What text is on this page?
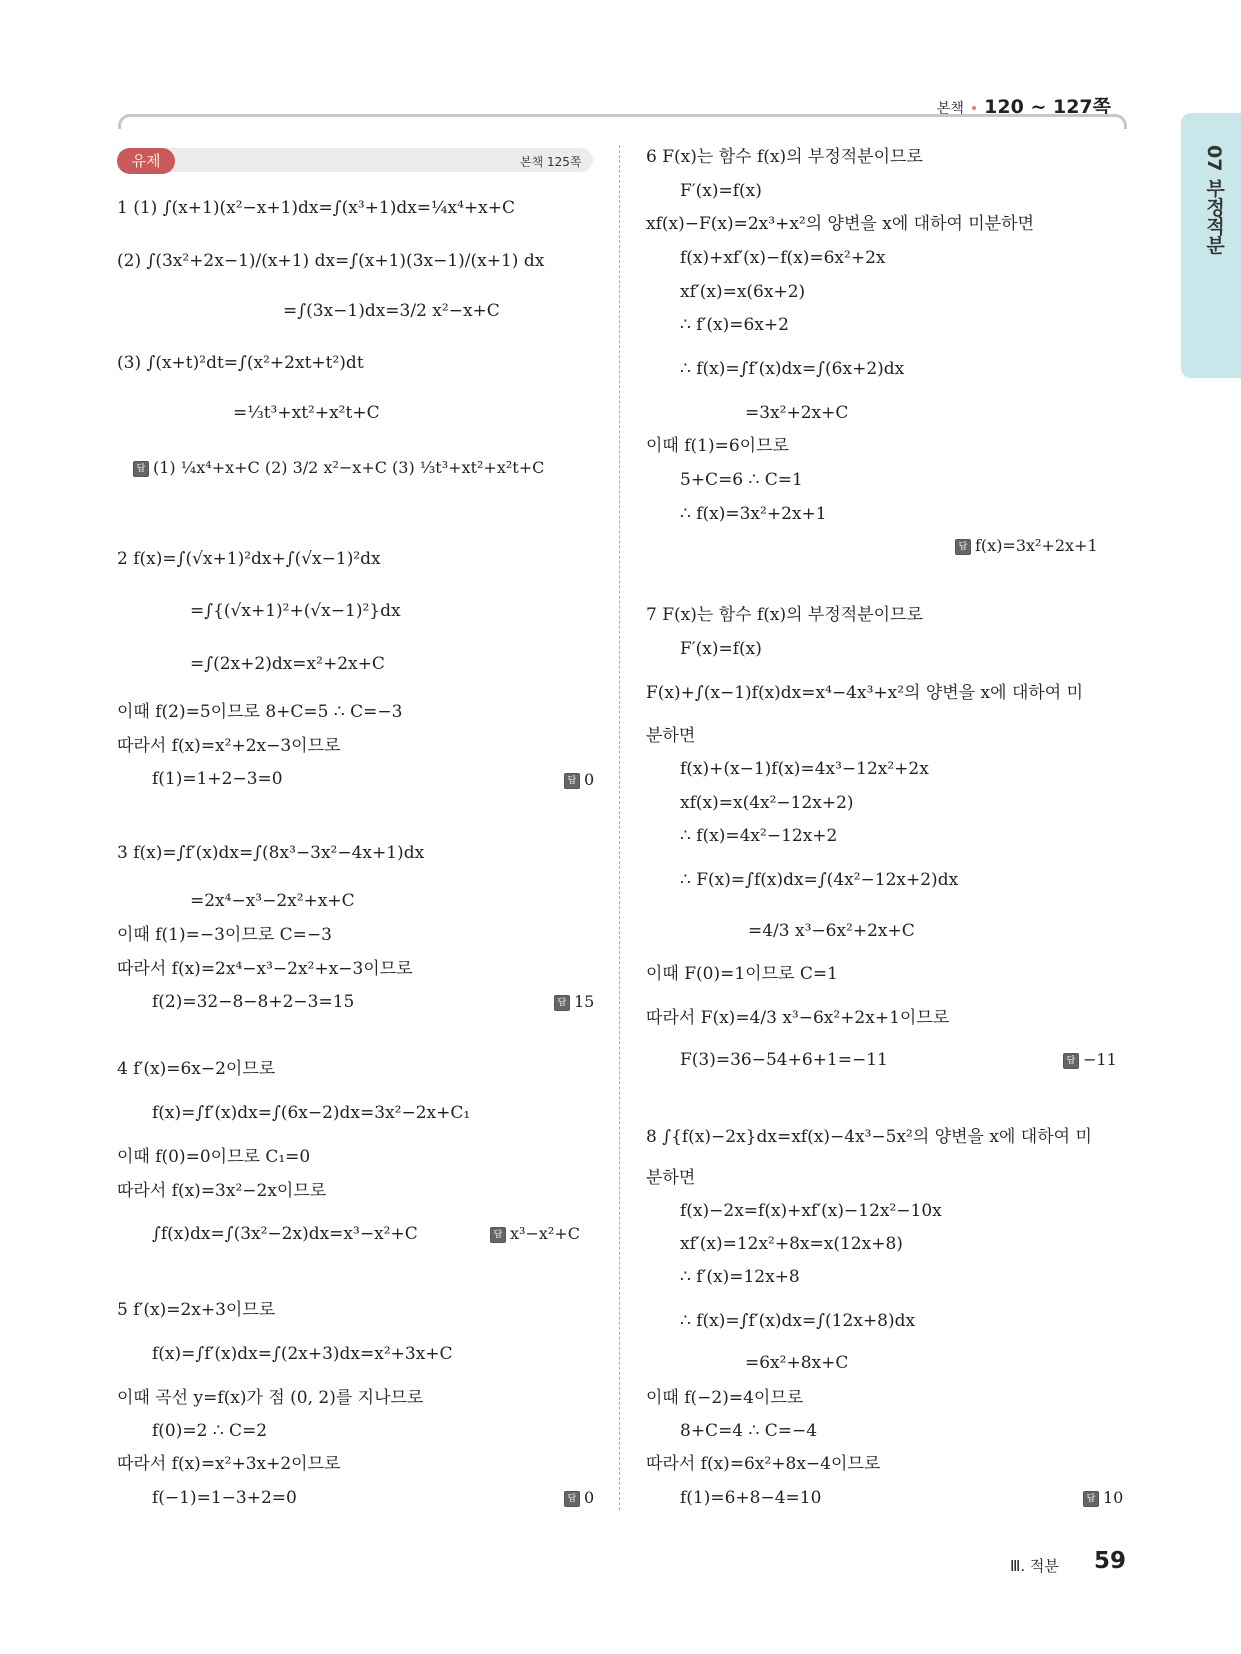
본책 • 120 ~ 127쪽
07 부정적분
유제	본책 125쪽
1 (1) ∫(x+1)(x²−x+1)dx=∫(x³+1)dx=¼x⁴+x+C
(2) ∫(3x²+2x−1)/(x+1) dx=∫(x+1)(3x−1)/(x+1) dx
=∫(3x−1)dx=3/2 x²−x+C
(3) ∫(x+t)²dt=∫(x²+2xt+t²)dt
=⅓t³+xt²+x²t+C
답 (1) ¼x⁴+x+C (2) 3/2 x²−x+C (3) ⅓t³+xt²+x²t+C
2 f(x)=∫(√x+1)²dx+∫(√x−1)²dx
=∫{(√x+1)²+(√x−1)²}dx
=∫(2x+2)dx=x²+2x+C
이때 f(2)=5이므로 8+C=5 ∴ C=−3
따라서 f(x)=x²+2x−3이므로
f(1)=1+2−3=0	답 0
3 f(x)=∫f′(x)dx=∫(8x³−3x²−4x+1)dx
=2x⁴−x³−2x²+x+C
이때 f(1)=−3이므로 C=−3
따라서 f(x)=2x⁴−x³−2x²+x−3이므로
f(2)=32−8−8+2−3=15	답 15
4 f′(x)=6x−2이므로
f(x)=∫f′(x)dx=∫(6x−2)dx=3x²−2x+C₁
이때 f(0)=0이므로 C₁=0
따라서 f(x)=3x²−2x이므로
∫f(x)dx=∫(3x²−2x)dx=x³−x²+C	답 x³−x²+C
5 f′(x)=2x+3이므로
f(x)=∫f′(x)dx=∫(2x+3)dx=x²+3x+C
이때 곡선 y=f(x)가 점 (0, 2)를 지나므로
f(0)=2 ∴ C=2
따라서 f(x)=x²+3x+2이므로
f(−1)=1−3+2=0	답 0
6 F(x)는 함수 f(x)의 부정적분이므로
F′(x)=f(x)
xf(x)−F(x)=2x³+x²의 양변을 x에 대하여 미분하면
f(x)+xf′(x)−f(x)=6x²+2x
xf′(x)=x(6x+2)
∴ f′(x)=6x+2
∴ f(x)=∫f′(x)dx=∫(6x+2)dx
=3x²+2x+C
이때 f(1)=6이므로
5+C=6 ∴ C=1
∴ f(x)=3x²+2x+1
답 f(x)=3x²+2x+1
7 F(x)는 함수 f(x)의 부정적분이므로
F′(x)=f(x)
F(x)+∫(x−1)f(x)dx=x⁴−4x³+x²의 양변을 x에 대하여 미
분하면
f(x)+(x−1)f(x)=4x³−12x²+2x
xf(x)=x(4x²−12x+2)
∴ f(x)=4x²−12x+2
∴ F(x)=∫f(x)dx=∫(4x²−12x+2)dx
=4/3 x³−6x²+2x+C
이때 F(0)=1이므로 C=1
따라서 F(x)=4/3 x³−6x²+2x+1이므로
F(3)=36−54+6+1=−11	답 −11
8 ∫{f(x)−2x}dx=xf(x)−4x³−5x²의 양변을 x에 대하여 미
분하면
f(x)−2x=f(x)+xf′(x)−12x²−10x
xf′(x)=12x²+8x=x(12x+8)
∴ f′(x)=12x+8
∴ f(x)=∫f′(x)dx=∫(12x+8)dx
=6x²+8x+C
이때 f(−2)=4이므로
8+C=4 ∴ C=−4
따라서 f(x)=6x²+8x−4이므로
f(1)=6+8−4=10	답 10
Ⅲ. 적분 59
